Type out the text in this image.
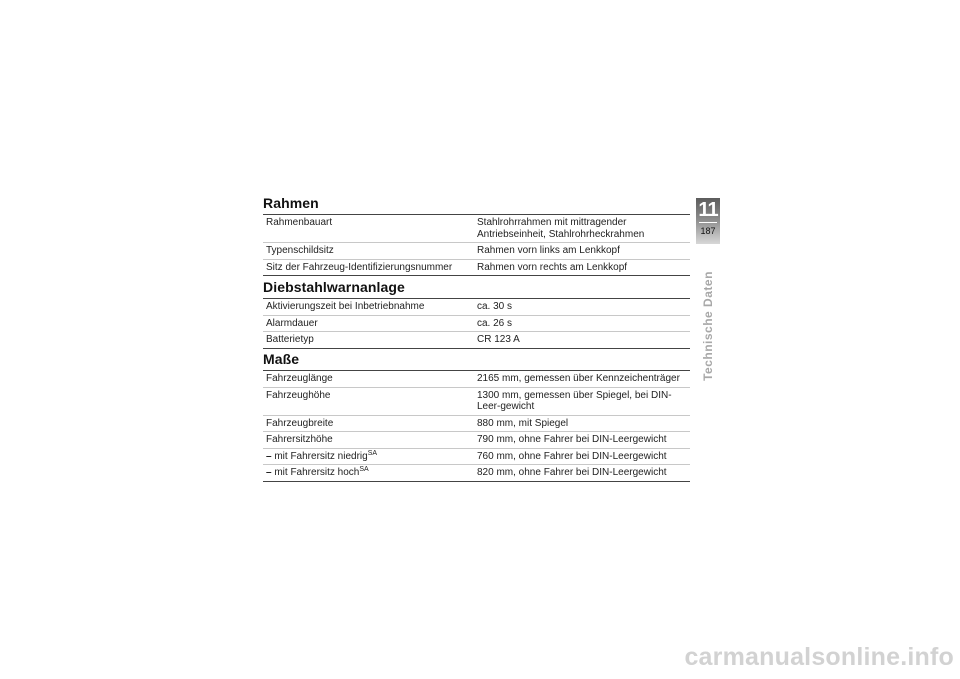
Rahmen
Rahmenbauart	Stahlrohrrahmen mit mittragender Antriebseinheit, Stahlrohrheckrahmen
Typenschildsitz	Rahmen vorn links am Lenkkopf
Sitz der Fahrzeug-Identifizierungsnummer	Rahmen vorn rechts am Lenkkopf
Diebstahlwarnanlage
Aktivierungszeit bei Inbetriebnahme	ca. 30 s
Alarmdauer	ca. 26 s
Batterietyp	CR 123 A
Maße
Fahrzeuglänge	2165 mm, gemessen über Kennzeichenträger
Fahrzeughöhe	1300 mm, gemessen über Spiegel, bei DIN-Leer-gewicht
Fahrzeugbreite	880 mm, mit Spiegel
Fahrersitzhöhe	790 mm, ohne Fahrer bei DIN-Leergewicht
– mit Fahrersitz niedrig$^{SA}$	760 mm, ohne Fahrer bei DIN-Leergewicht
– mit Fahrersitz hoch$^{SA}$	820 mm, ohne Fahrer bei DIN-Leergewicht
11
187
Technische Daten
carmanualsonline.info
